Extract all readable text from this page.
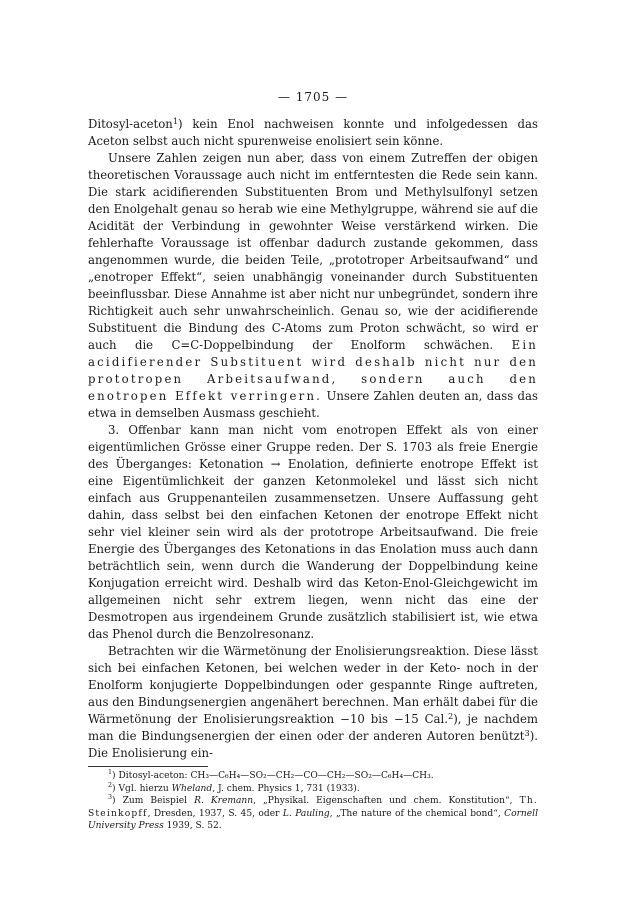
— 1705 —

Ditosyl-aceton$^1$) kein Enol nachweisen konnte und infolgedessen das Aceton selbst auch nicht spurenweise enolisiert sein könne.

Unsere Zahlen zeigen nun aber, dass von einem Zutreffen der obigen theoretischen Voraussage auch nicht im entferntesten die Rede sein kann. Die stark acidifierenden Substituenten Brom und Methylsulfonyl setzen den Enolgehalt genau so herab wie eine Methylgruppe, während sie auf die Acidität der Verbindung in gewohnter Weise verstärkend wirken. Die fehlerhafte Voraussage ist offenbar dadurch zustande gekommen, dass angenommen wurde, die beiden Teile, „prototroper Arbeitsaufwand“ und „enotroper Effekt“, seien unabhängig voneinander durch Substituenten beeinflussbar. Diese Annahme ist aber nicht nur unbegründet, sondern ihre Richtigkeit auch sehr unwahrscheinlich. Genau so, wie der acidifierende Substituent die Bindung des C-Atoms zum Proton schwächt, so wird er auch die C=C-Doppelbindung der Enolform schwächen. Ein acidifierender Substituent wird deshalb nicht nur den prototropen Arbeitsaufwand, sondern auch den enotropen Effekt verringern. Unsere Zahlen deuten an, dass das etwa in demselben Ausmass geschieht.

3. Offenbar kann man nicht vom enotropen Effekt als von einer eigentümlichen Grösse einer Gruppe reden. Der S. 1703 als freie Energie des Überganges: Ketonation → Enolation, definierte enotrope Effekt ist eine Eigentümlichkeit der ganzen Ketonmolekel und lässt sich nicht einfach aus Gruppenanteilen zusammensetzen. Unsere Auffassung geht dahin, dass selbst bei den einfachen Ketonen der enotrope Effekt nicht sehr viel kleiner sein wird als der prototrope Arbeitsaufwand. Die freie Energie des Überganges des Ketonations in das Enolation muss auch dann beträchtlich sein, wenn durch die Wanderung der Doppelbindung keine Konjugation erreicht wird. Deshalb wird das Keton-Enol-Gleichgewicht im allgemeinen nicht sehr extrem liegen, wenn nicht das eine der Desmotropen aus irgendeinem Grunde zusätzlich stabilisiert ist, wie etwa das Phenol durch die Benzolresonanz.

Betrachten wir die Wärmetönung der Enolisierungsreaktion. Diese lässt sich bei einfachen Ketonen, bei welchen weder in der Keto- noch in der Enolform konjugierte Doppelbindungen oder gespannte Ringe auftreten, aus den Bindungsenergien angenähert berechnen. Man erhält dabei für die Wärmetönung der Enolisierungsreaktion −10 bis −15 Cal.$^2$), je nachdem man die Bindungsenergien der einen oder der anderen Autoren benützt$^3$). Die Enolisierung ein-

$^1$) Ditosyl-aceton: CH₃—C₆H₄—SO₂—CH₂—CO—CH₂—SO₂—C₆H₄—CH₃.

$^2$) Vgl. hierzu Wheland, J. chem. Physics 1, 731 (1933).

$^3$) Zum Beispiel R. Kremann, „Physikal. Eigenschaften und chem. Konstitution“, Th. Steinkopff, Dresden, 1937, S. 45, oder L. Pauling, „The nature of the chemical bond“, Cornell University Press 1939, S. 52.
